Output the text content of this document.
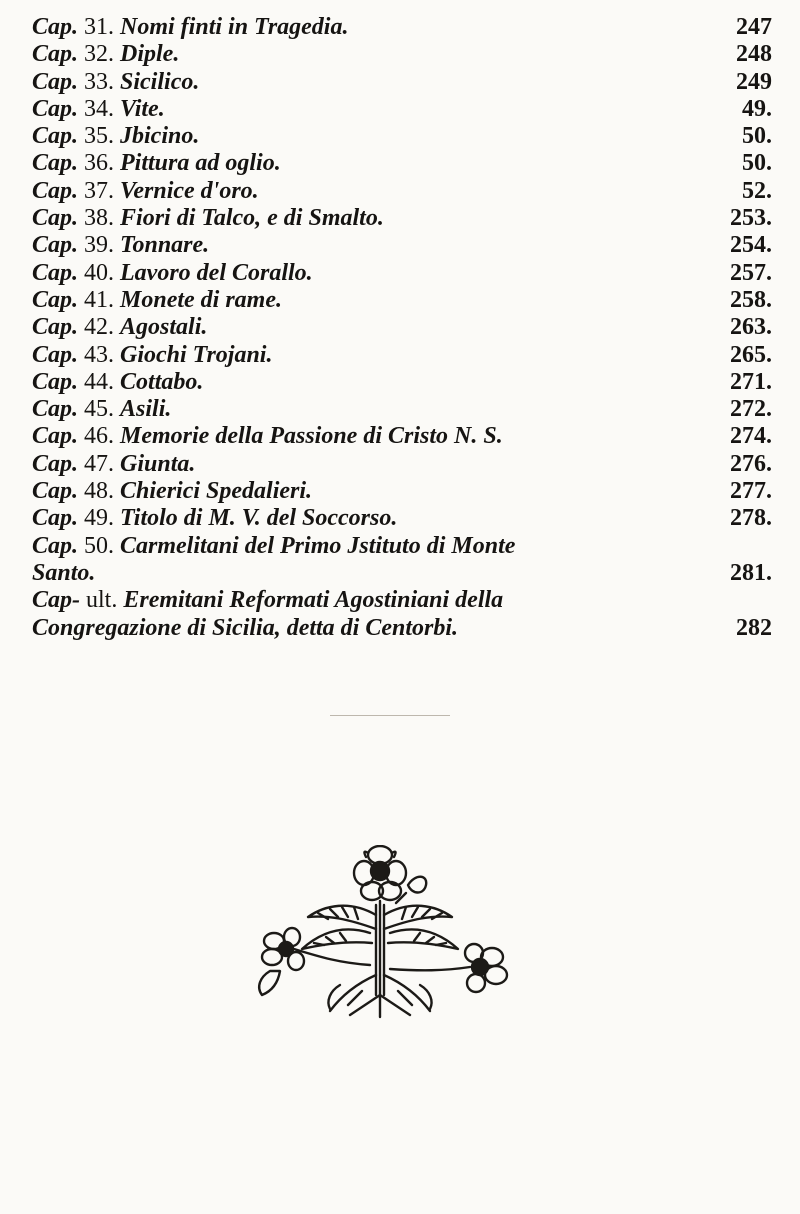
Cap. 31. Nomi finti in Tragedia.	247
Cap. 32. Diple.	248
Cap. 33. Sicilico.	249
Cap. 34. Vite.	49.
Cap. 35. Jbicino.	50.
Cap. 36. Pittura ad oglio.	50.
Cap. 37. Vernice d'oro.	52.
Cap. 38. Fiori di Talco, e di Smalto.	253.
Cap. 39. Tonnare.	254.
Cap. 40. Lavoro del Corallo.	257.
Cap. 41. Monete di rame.	258.
Cap. 42. Agostali.	263.
Cap. 43. Giochi Trojani.	265.
Cap. 44. Cottabo.	271.
Cap. 45. Asili.	272.
Cap. 46. Memorie della Passione di Cristo N. S.	274.
Cap. 47. Giunta.	276.
Cap. 48. Chierici Spedalieri.	277.
Cap. 49. Titolo di M. V. del Soccorso.	278.
Cap. 50. Carmelitani del Primo Jstituto di Monte
Santo.	281.
Cap- ult. Eremitani Reformati Agostiniani della
Congregazione di Sicilia, detta di Centorbi.	282
